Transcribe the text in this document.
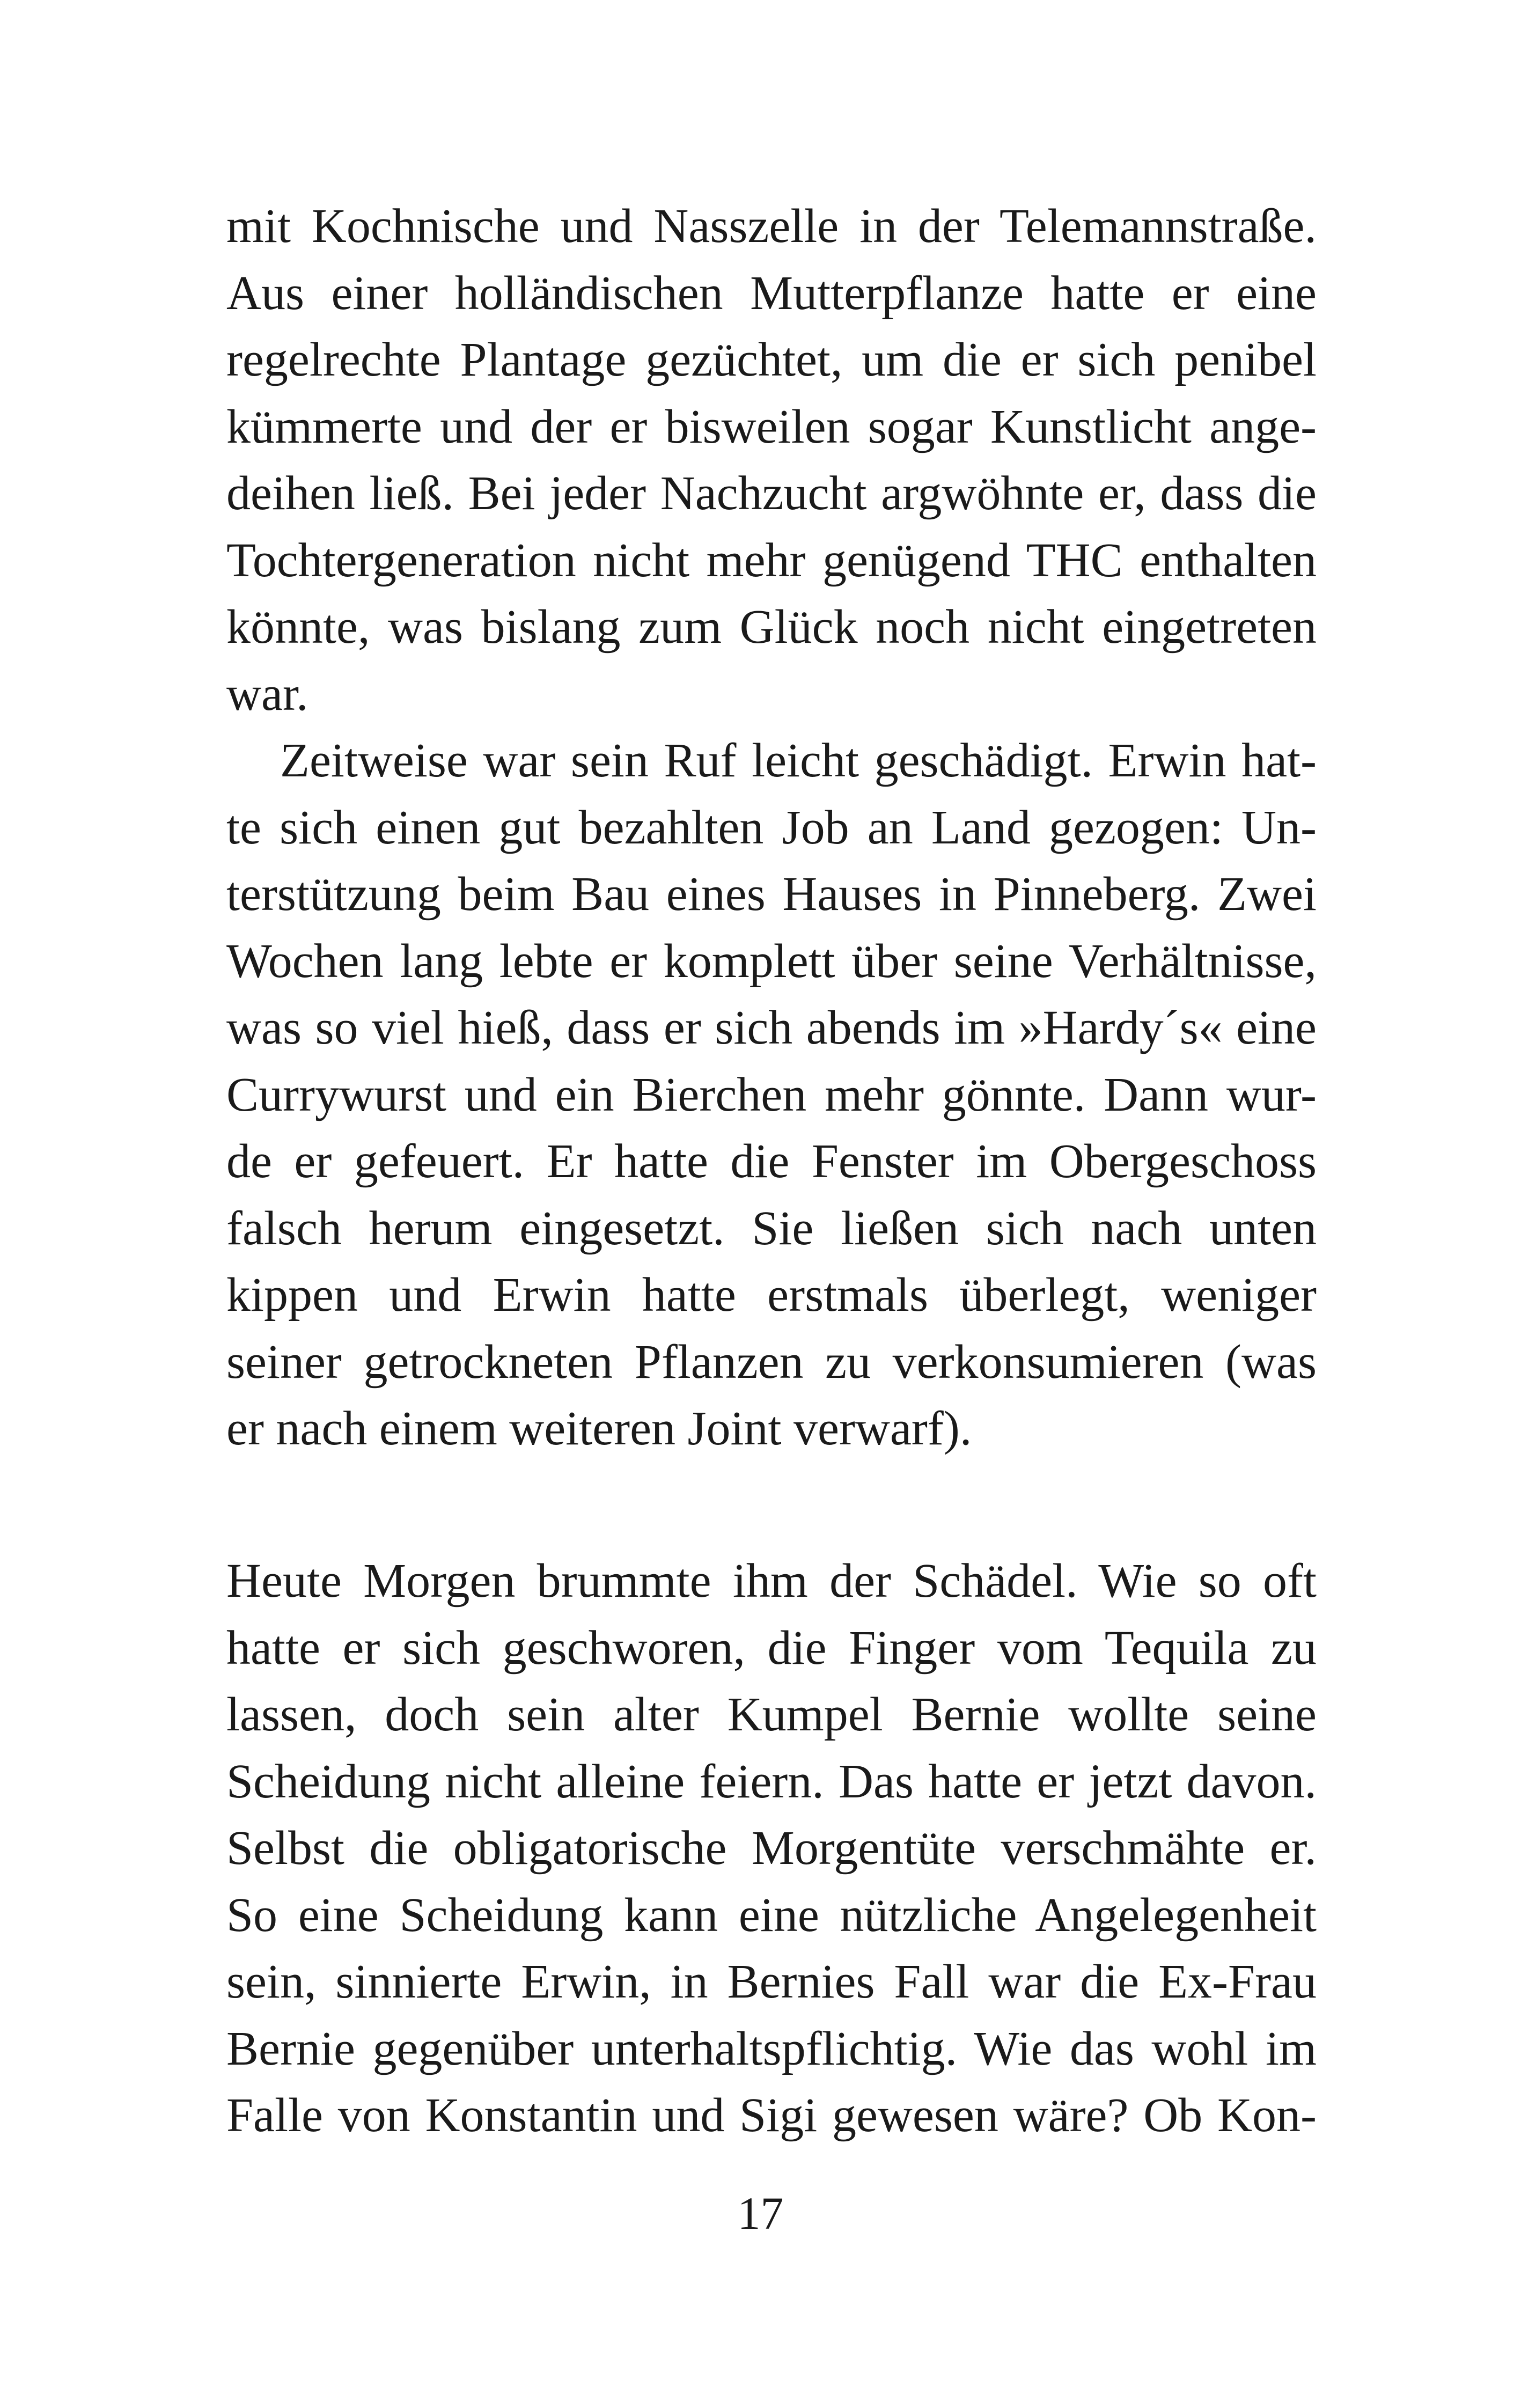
mit Kochnische und Nasszelle in der Telemannstraße.
Aus einer holländischen Mutterpflanze hatte er eine
regelrechte Plantage gezüchtet, um die er sich penibel
kümmerte und der er bisweilen sogar Kunstlicht ange-
deihen ließ. Bei jeder Nachzucht argwöhnte er, dass die
Tochtergeneration nicht mehr genügend THC enthalten
könnte, was bislang zum Glück noch nicht eingetreten
war.
Zeitweise war sein Ruf leicht geschädigt. Erwin hat-
te sich einen gut bezahlten Job an Land gezogen: Un-
terstützung beim Bau eines Hauses in Pinneberg. Zwei
Wochen lang lebte er komplett über seine Verhältnisse,
was so viel hieß, dass er sich abends im »Hardy´s« eine
Currywurst und ein Bierchen mehr gönnte. Dann wur-
de er gefeuert. Er hatte die Fenster im Obergeschoss
falsch herum eingesetzt. Sie ließen sich nach unten
kippen und Erwin hatte erstmals überlegt, weniger
seiner getrockneten Pflanzen zu verkonsumieren (was
er nach einem weiteren Joint verwarf).
Heute Morgen brummte ihm der Schädel. Wie so oft
hatte er sich geschworen, die Finger vom Tequila zu
lassen, doch sein alter Kumpel Bernie wollte seine
Scheidung nicht alleine feiern. Das hatte er jetzt davon.
Selbst die obligatorische Morgentüte verschmähte er.
So eine Scheidung kann eine nützliche Angelegenheit
sein, sinnierte Erwin, in Bernies Fall war die Ex-Frau
Bernie gegenüber unterhaltspflichtig. Wie das wohl im
Falle von Konstantin und Sigi gewesen wäre? Ob Kon-
17
